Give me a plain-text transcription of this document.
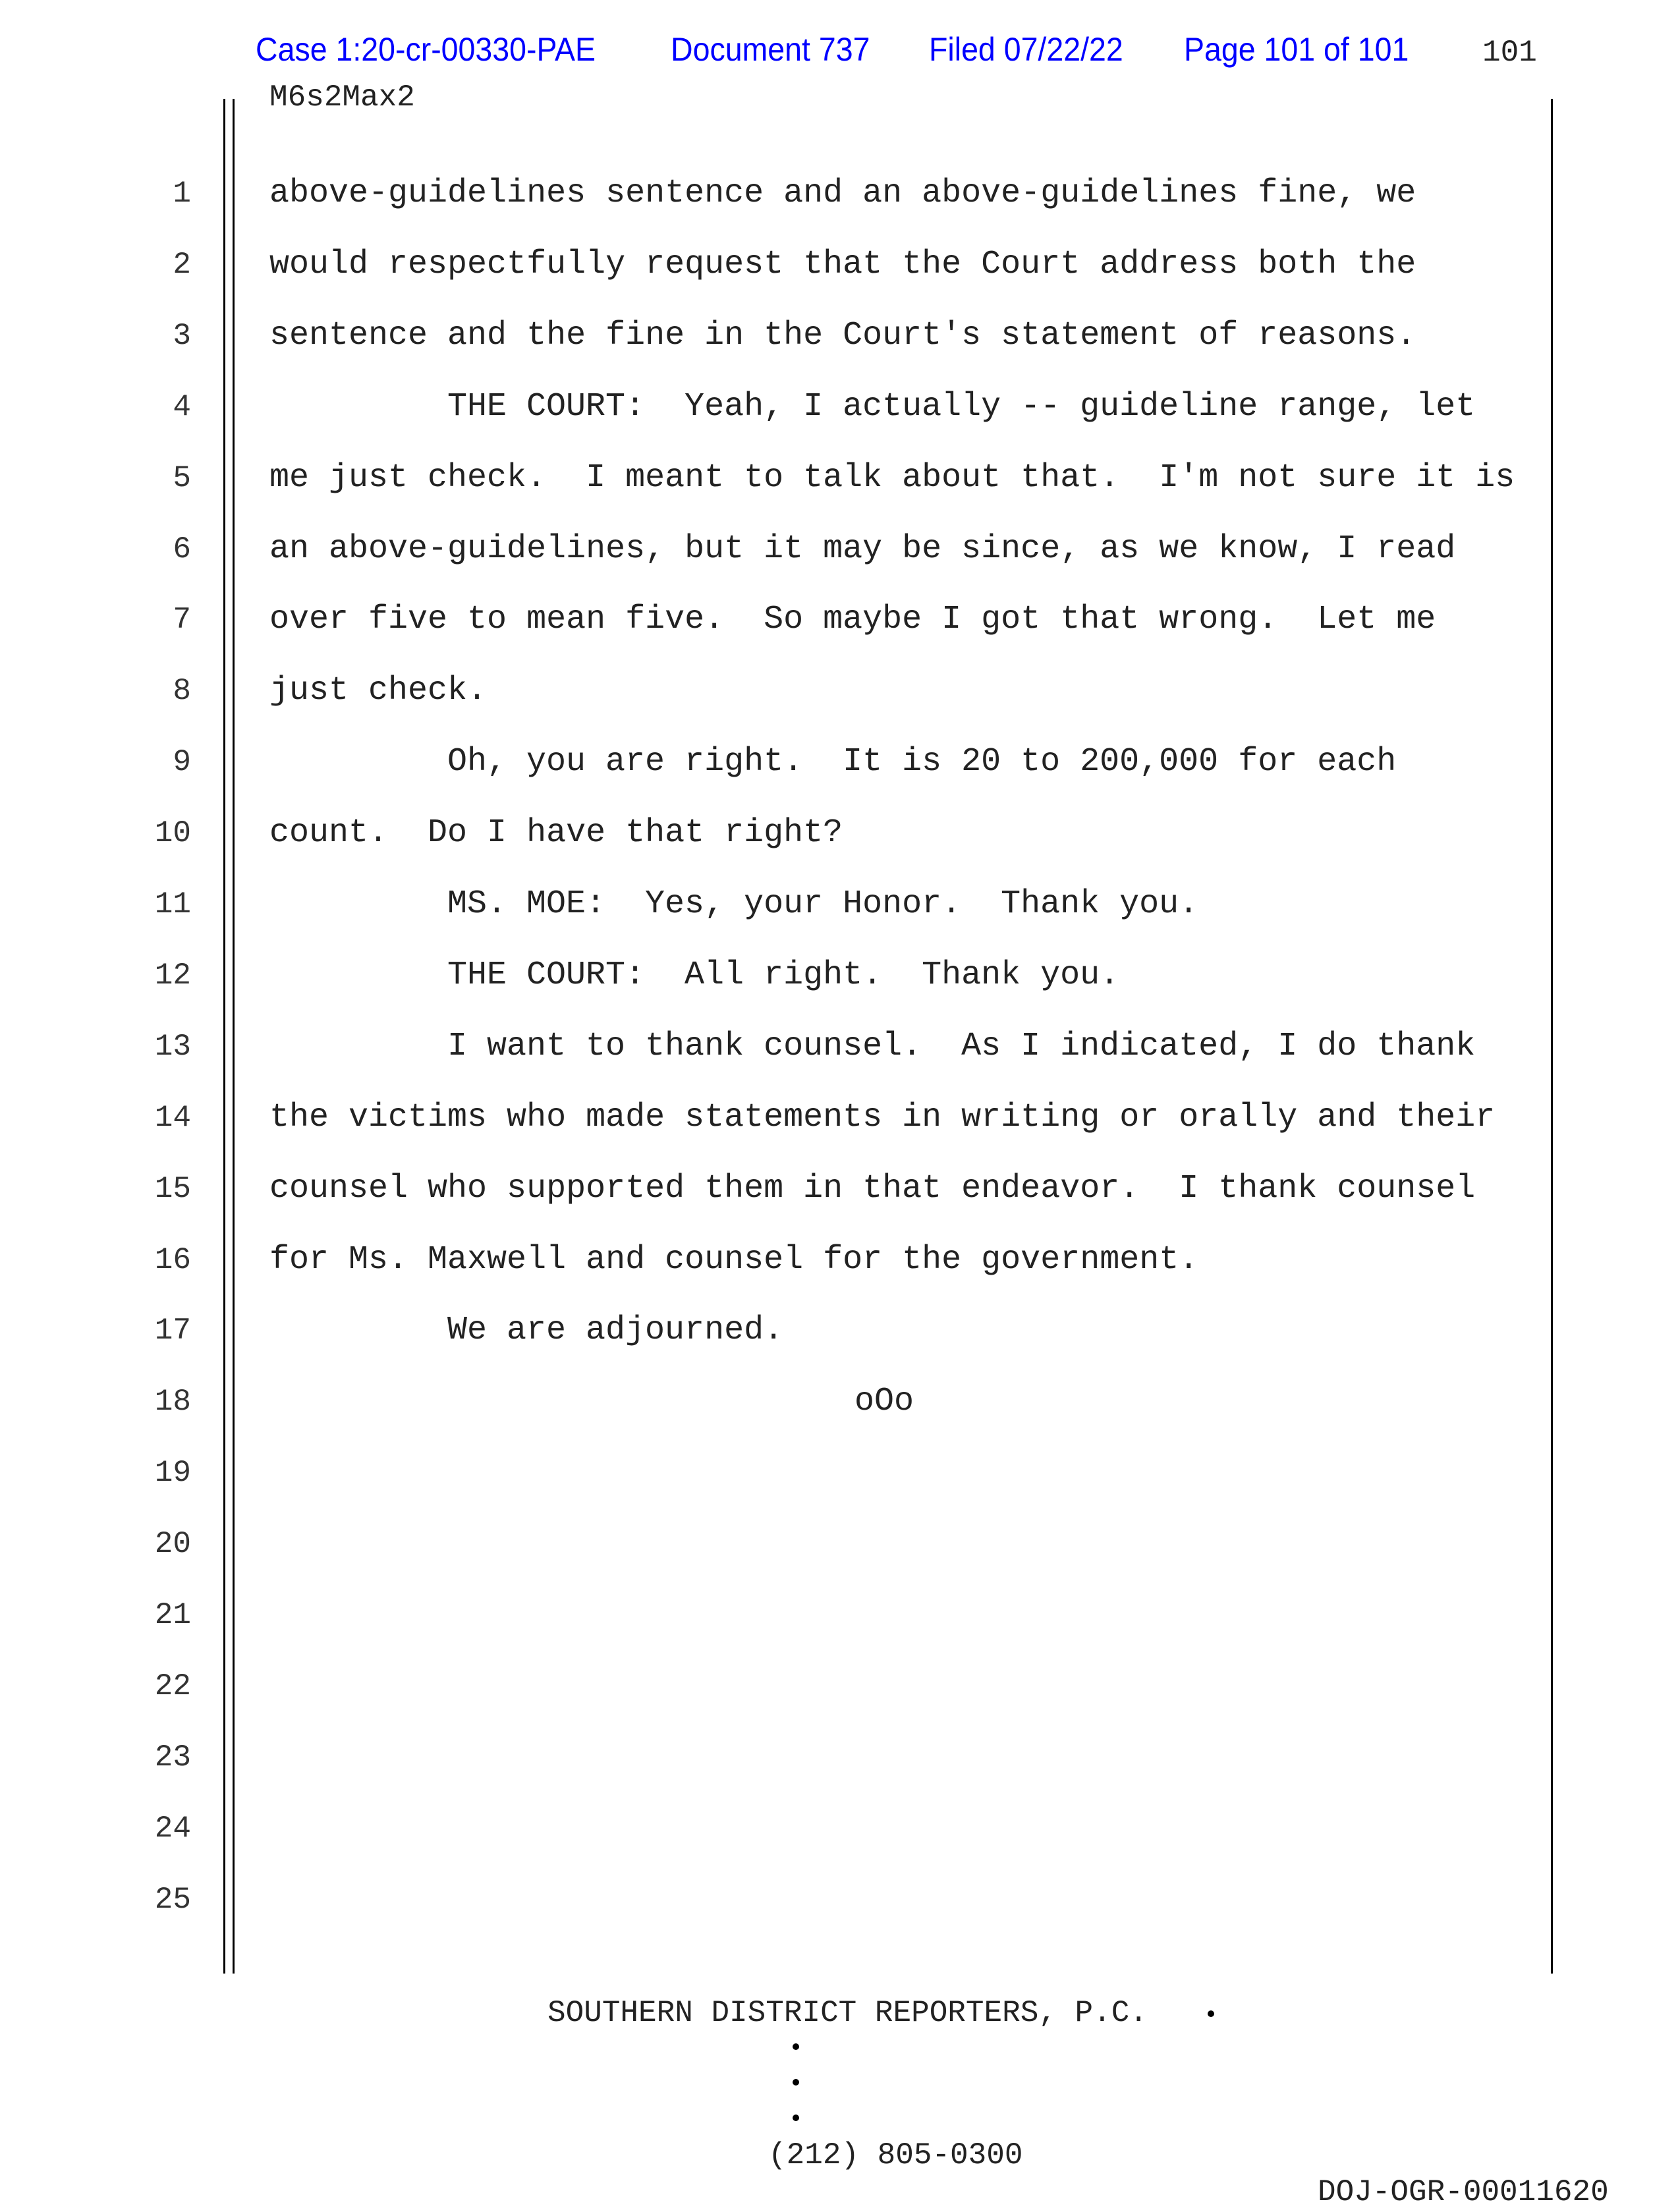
Case 1:20-cr-00330-PAE Document 737 Filed 07/22/22 Page 101 of 101 101
M6s2Max2
1 above-guidelines sentence and an above-guidelines fine, we
2 would respectfully request that the Court address both the
3 sentence and the fine in the Court's statement of reasons.
4	THE COURT:  Yeah, I actually -- guideline range, let
5 me just check.  I meant to talk about that.  I'm not sure it is
6 an above-guidelines, but it may be since, as we know, I read
7 over five to mean five.  So maybe I got that wrong.  Let me
8 just check.
9	Oh, you are right.  It is 20 to 200,000 for each
10 count.  Do I have that right?
11	MS. MOE:  Yes, your Honor.  Thank you.
12	THE COURT:  All right.  Thank you.
13	I want to thank counsel.  As I indicated, I do thank
14 the victims who made statements in writing or orally and their
15 counsel who supported them in that endeavor.  I thank counsel
16 for Ms. Maxwell and counsel for the government.
17	We are adjourned.
18	oOo
19
20
21
22
23
24
25
SOUTHERN DISTRICT REPORTERS, P.C.
(212) 805-0300
DOJ-OGR-00011620
